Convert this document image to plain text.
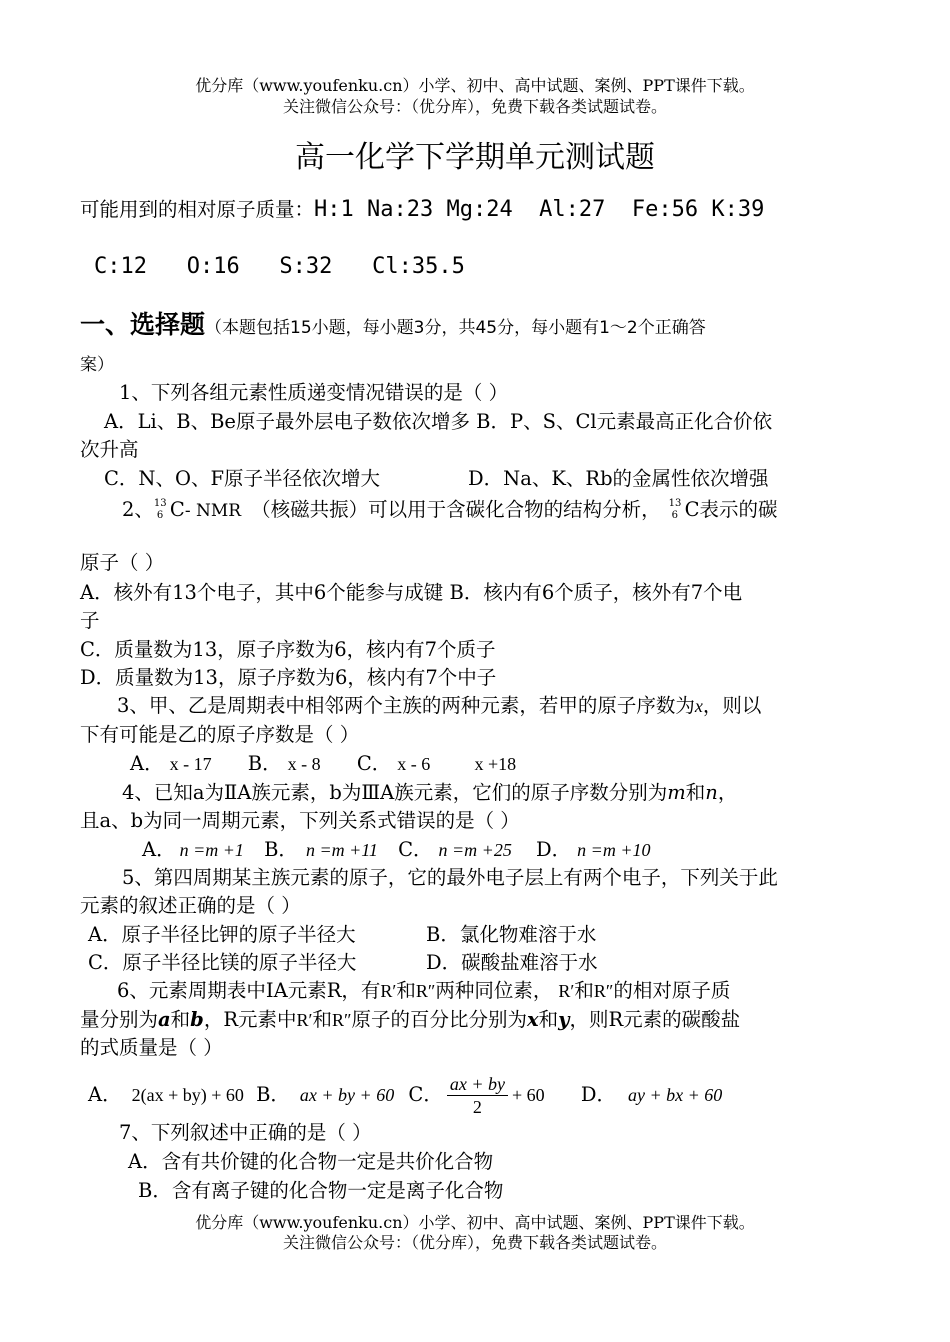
优分库（www.youfenku.cn）小学、初中、高中试题、案例、PPT课件下载。
关注微信公众号：（优分库），免费下载各类试题试卷。
高一化学下学期单元测试题
可能用到的相对原子质量：H:1 Na:23 Mg:24  Al:27  Fe:56 K:39
C:12   O:16   S:32   Cl:35.5
一、选择题（本题包括15小题，每小题3分，共45分，每小题有1～2个正确答
案）
1、下列各组元素性质递变情况错误的是（ ）
A．Li、B、Be原子最外层电子数依次增多 B．P、S、Cl元素最高正化合价依
次升高
C．N、O、F原子半径依次增大	D．Na、K、Rb的金属性依次增强
2、 13
6 C- NMR （核磁共振）可以用于含碳化合物的结构分析， 13
6 C表示的碳
原子（ ）
A．核外有13个电子，其中6个能参与成键 B．核内有6个质子，核外有7个电
子
C．质量数为13，原子序数为6，核内有7个质子
D．质量数为13，原子序数为6，核内有7个中子
3、甲、乙是周期表中相邻两个主族的两种元素，若甲的原子序数为x，则以
下有可能是乙的原子序数是（ ）
A． x - 17 B． x - 8 C． x - 6 x +18
4、已知a为ⅡA族元素，b为ⅢA族元素，它们的原子序数分别为m和n，
且a、b为同一周期元素，下列关系式错误的是（ ）
A． n =m +1 B． n =m +11 C． n =m +25 D． n =m +10
5、第四周期某主族元素的原子，它的最外电子层上有两个电子，下列关于此
元素的叙述正确的是（ ）
A．原子半径比钾的原子半径大	B．氯化物难溶于水
C．原子半径比镁的原子半径大	D．碳酸盐难溶于水
6、元素周期表中ⅠA元素R，有R′和R″两种同位素， R′和R″的相对原子质
量分别为a和b，R元素中R′和R″原子的百分比分别为x和y，则R元素的碳酸盐
的式质量是（ ）
A． 2(ax + by) + 60 B． ax + by + 60 C． $\frac{ax + by}{2} + 60$ D． ay + bx + 60
7、下列叙述中正确的是（ ）
A．含有共价键的化合物一定是共价化合物
B．含有离子键的化合物一定是离子化合物
优分库（www.youfenku.cn）小学、初中、高中试题、案例、PPT课件下载。
关注微信公众号：（优分库），免费下载各类试题试卷。
